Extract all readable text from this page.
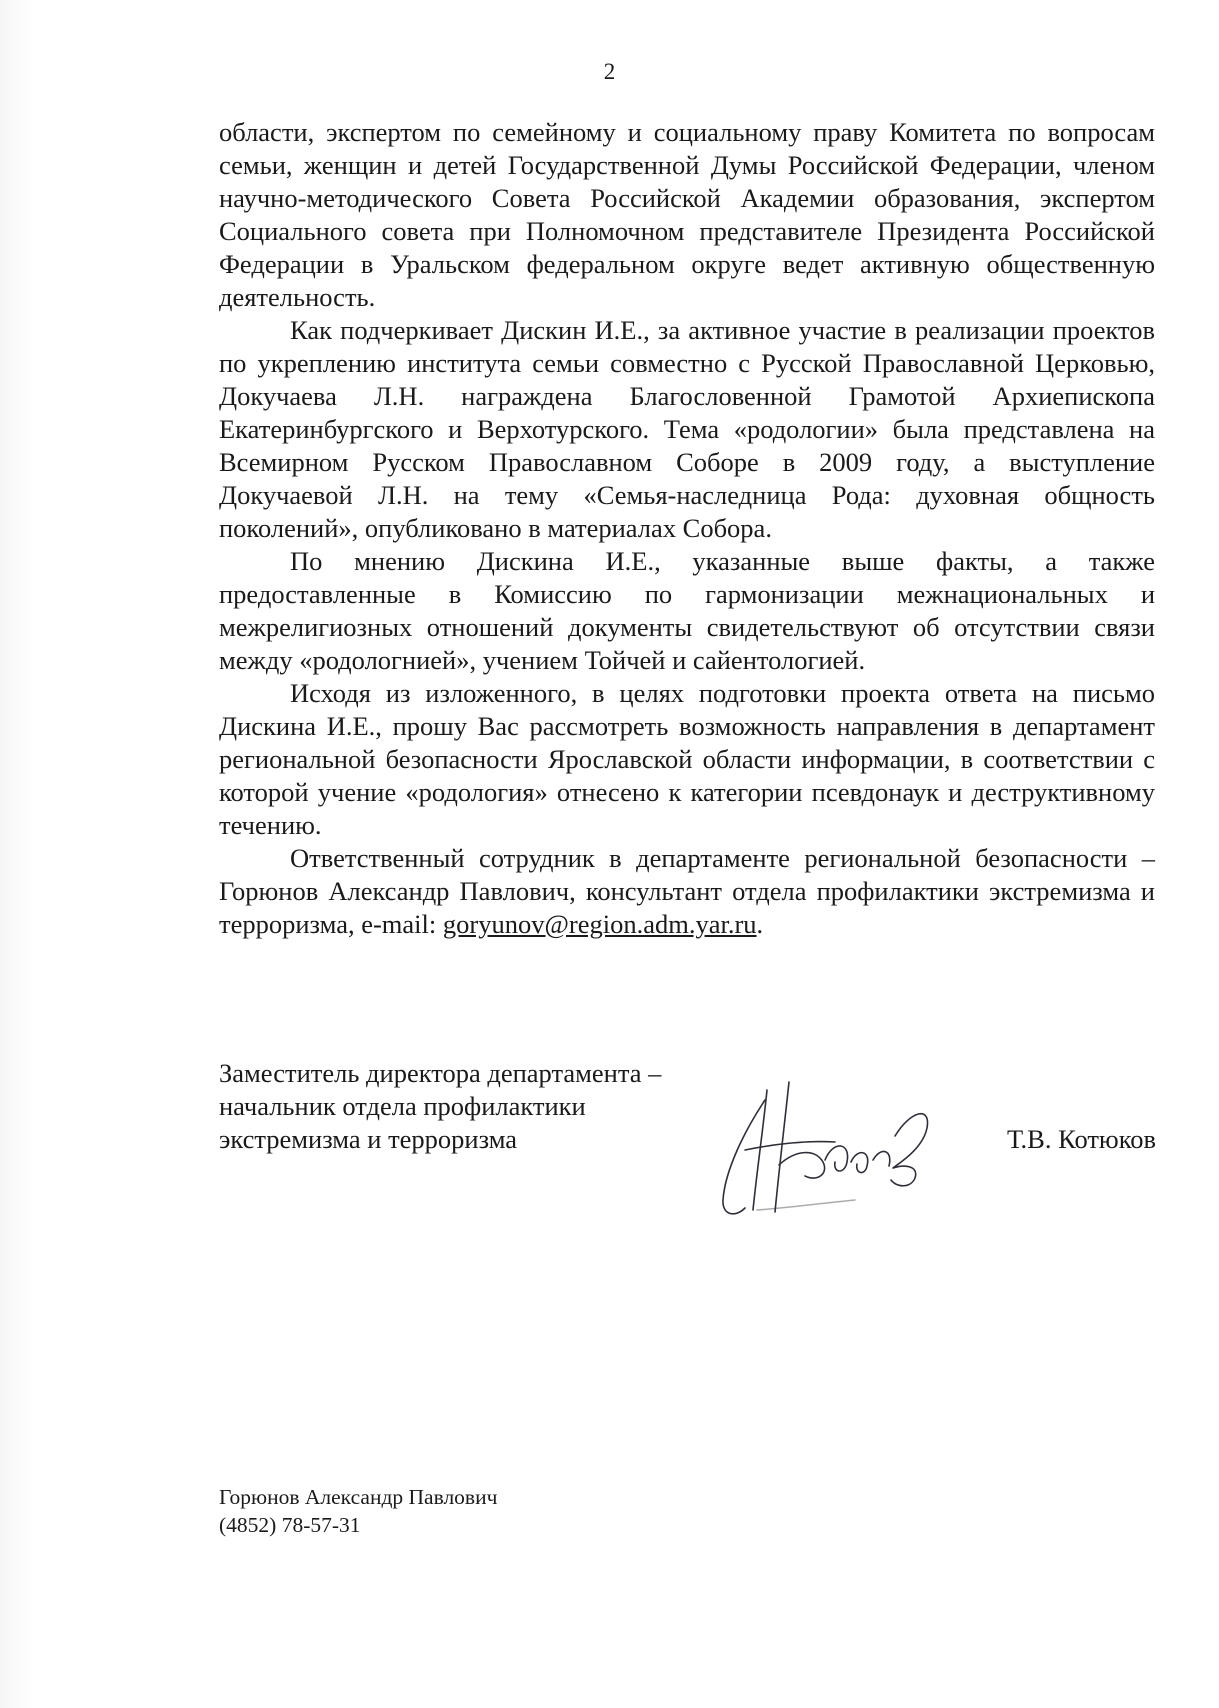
2

области, экспертом по семейному и социальному праву Комитета по вопросам семьи, женщин и детей Государственной Думы Российской Федерации, членом научно-методического Совета Российской Академии образования, экспертом Социального совета при Полномочном представителе Президента Российской Федерации в Уральском федеральном округе ведет активную общественную деятельность.

Как подчеркивает Дискин И.Е., за активное участие в реализации проектов по укреплению института семьи совместно с Русской Православной Церковью, Докучаева Л.Н. награждена Благословенной Грамотой Архиепископа Екатеринбургского и Верхотурского. Тема «родологии» была представлена на Всемирном Русском Православном Соборе в 2009 году, а выступление Докучаевой Л.Н. на тему «Семья-наследница Рода: духовная общность поколений», опубликовано в материалах Собора.

По мнению Дискина И.Е., указанные выше факты, а также предоставленные в Комиссию по гармонизации межнациональных и межрелигиозных отношений документы свидетельствуют об отсутствии связи между «родологнией», учением Тойчей и сайентологией.

Исходя из изложенного, в целях подготовки проекта ответа на письмо Дискина И.Е., прошу Вас рассмотреть возможность направления в департамент региональной безопасности Ярославской области информации, в соответствии с которой учение «родология» отнесено к категории псевдонаук и деструктивному течению.

Ответственный сотрудник в департаменте региональной безопасности – Горюнов Александр Павлович, консультант отдела профилактики экстремизма и терроризма, e-mail: goryunov@region.adm.yar.ru.

Заместитель директора департамента –
начальник отдела профилактики
экстремизма и терроризма	Т.В. Котюков
Горюнов Александр Павлович
(4852) 78-57-31
